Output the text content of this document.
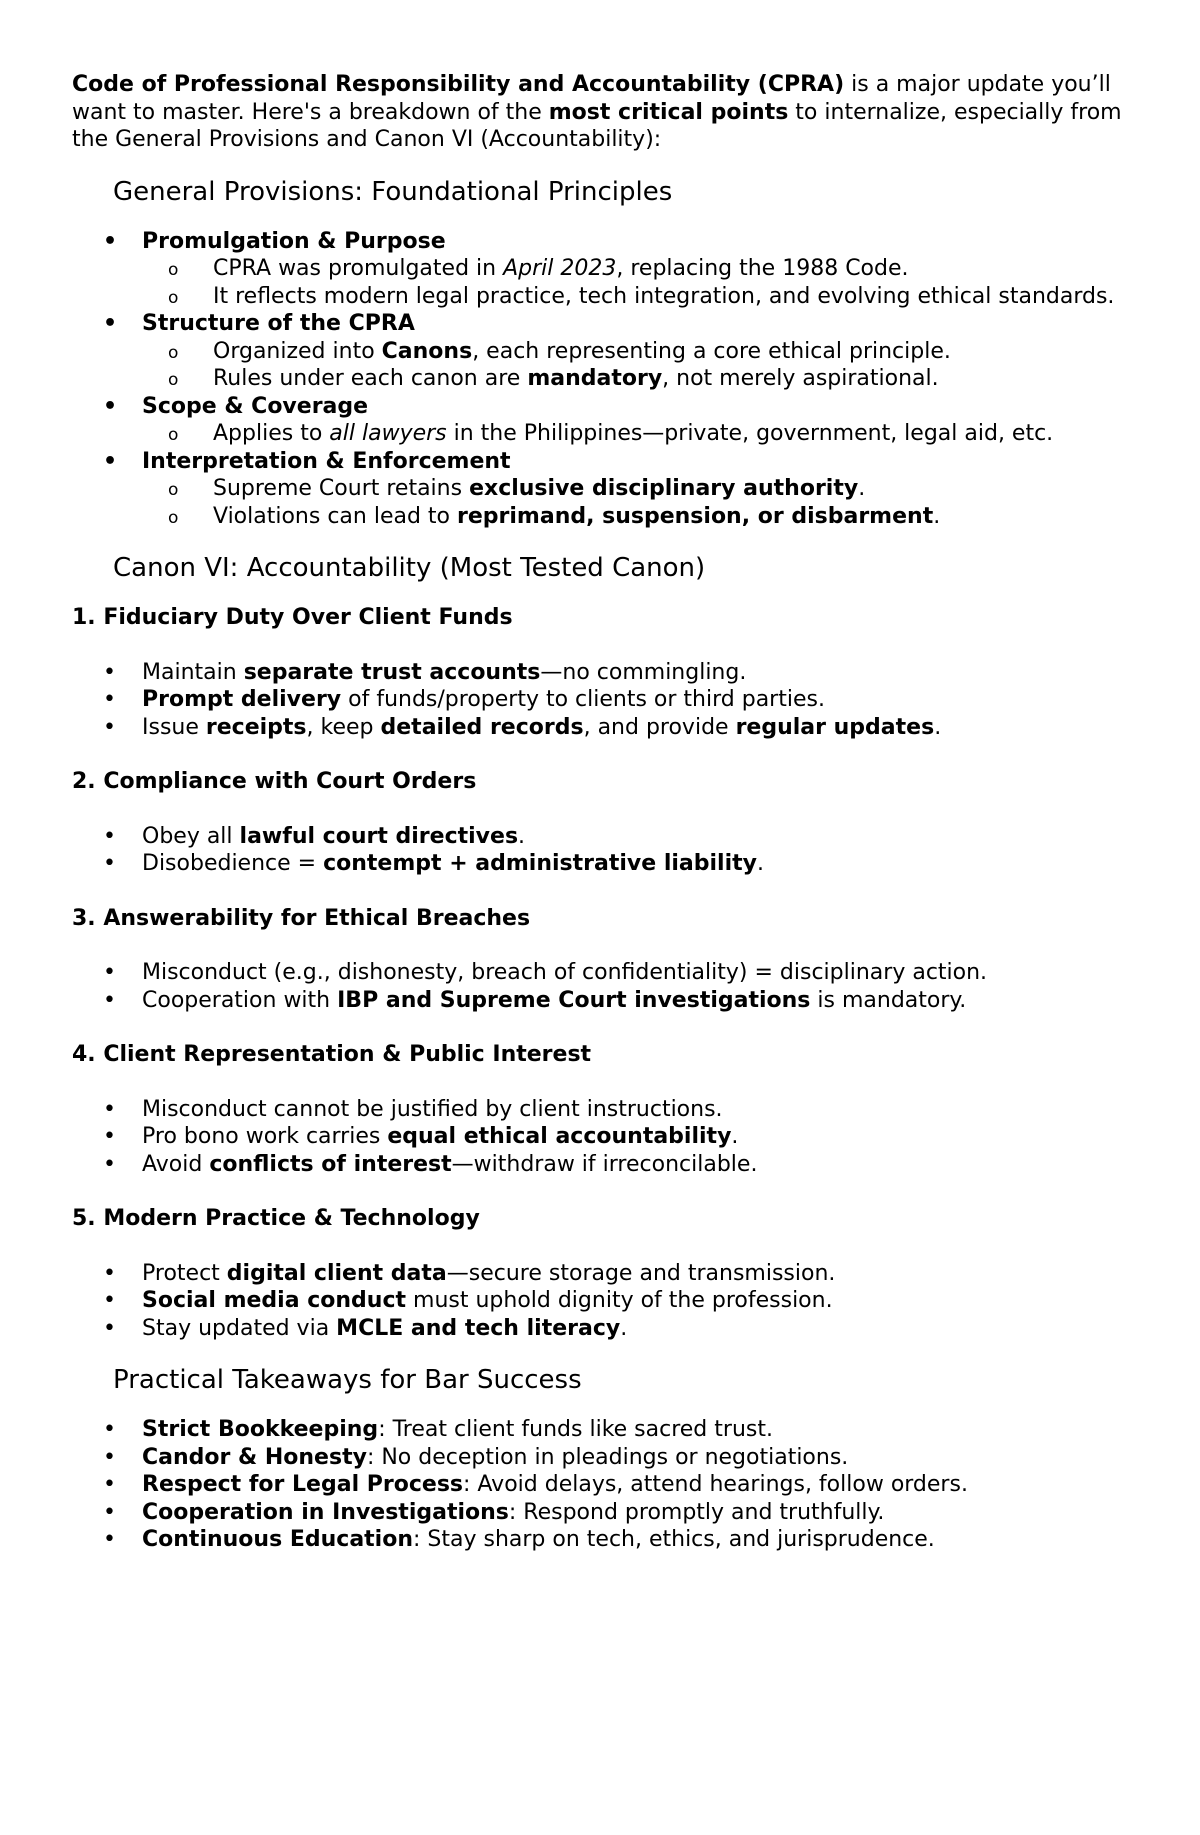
Code of Professional Responsibility and Accountability (CPRA) is a major update you’ll want to master. Here's a breakdown of the most critical points to internalize, especially from the General Provisions and Canon VI (Accountability):

General Provisions: Foundational Principles
• Promulgation & Purpose
o CPRA was promulgated in April 2023, replacing the 1988 Code.
o It reflects modern legal practice, tech integration, and evolving ethical standards.
• Structure of the CPRA
o Organized into Canons, each representing a core ethical principle.
o Rules under each canon are mandatory, not merely aspirational.
• Scope & Coverage
o Applies to all lawyers in the Philippines—private, government, legal aid, etc.
• Interpretation & Enforcement
o Supreme Court retains exclusive disciplinary authority.
o Violations can lead to reprimand, suspension, or disbarment.
Canon VI: Accountability (Most Tested Canon)
1. Fiduciary Duty Over Client Funds
• Maintain separate trust accounts—no commingling.
• Prompt delivery of funds/property to clients or third parties.
• Issue receipts, keep detailed records, and provide regular updates.
2. Compliance with Court Orders
• Obey all lawful court directives.
• Disobedience = contempt + administrative liability.
3. Answerability for Ethical Breaches
• Misconduct (e.g., dishonesty, breach of confidentiality) = disciplinary action.
• Cooperation with IBP and Supreme Court investigations is mandatory.
4. Client Representation & Public Interest
• Misconduct cannot be justified by client instructions.
• Pro bono work carries equal ethical accountability.
• Avoid conflicts of interest—withdraw if irreconcilable.
5. Modern Practice & Technology
• Protect digital client data—secure storage and transmission.
• Social media conduct must uphold dignity of the profession.
• Stay updated via MCLE and tech literacy.
Practical Takeaways for Bar Success
• Strict Bookkeeping: Treat client funds like sacred trust.
• Candor & Honesty: No deception in pleadings or negotiations.
• Respect for Legal Process: Avoid delays, attend hearings, follow orders.
• Cooperation in Investigations: Respond promptly and truthfully.
• Continuous Education: Stay sharp on tech, ethics, and jurisprudence.
